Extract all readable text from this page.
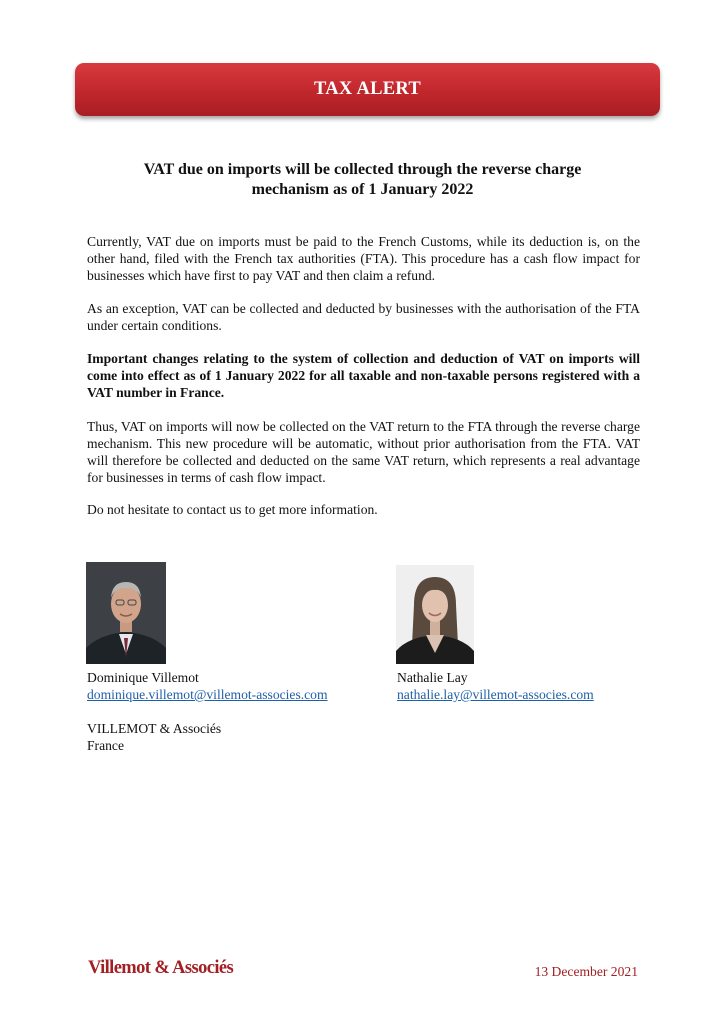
TAX ALERT
VAT due on imports will be collected through the reverse charge
mechanism as of 1 January 2022

Currently, VAT due on imports must be paid to the French Customs, while its deduction is, on the other hand, filed with the French tax authorities (FTA). This procedure has a cash flow impact for businesses which have first to pay VAT and then claim a refund.

As an exception, VAT can be collected and deducted by businesses with the authorisation of the FTA under certain conditions.

Important changes relating to the system of collection and deduction of VAT on imports will come into effect as of 1 January 2022 for all taxable and non-taxable persons registered with a VAT number in France.

Thus, VAT on imports will now be collected on the VAT return to the FTA through the reverse charge mechanism. This new procedure will be automatic, without prior authorisation from the FTA. VAT will therefore be collected and deducted on the same VAT return, which represents a real advantage for businesses in terms of cash flow impact.

Do not hesitate to contact us to get more information.

Dominique Villemot
dominique.villemot@villemot-associes.com
Nathalie Lay
nathalie.lay@villemot-associes.com
VILLEMOT & Associés
France
Villemot & Associés	13 December 2021
